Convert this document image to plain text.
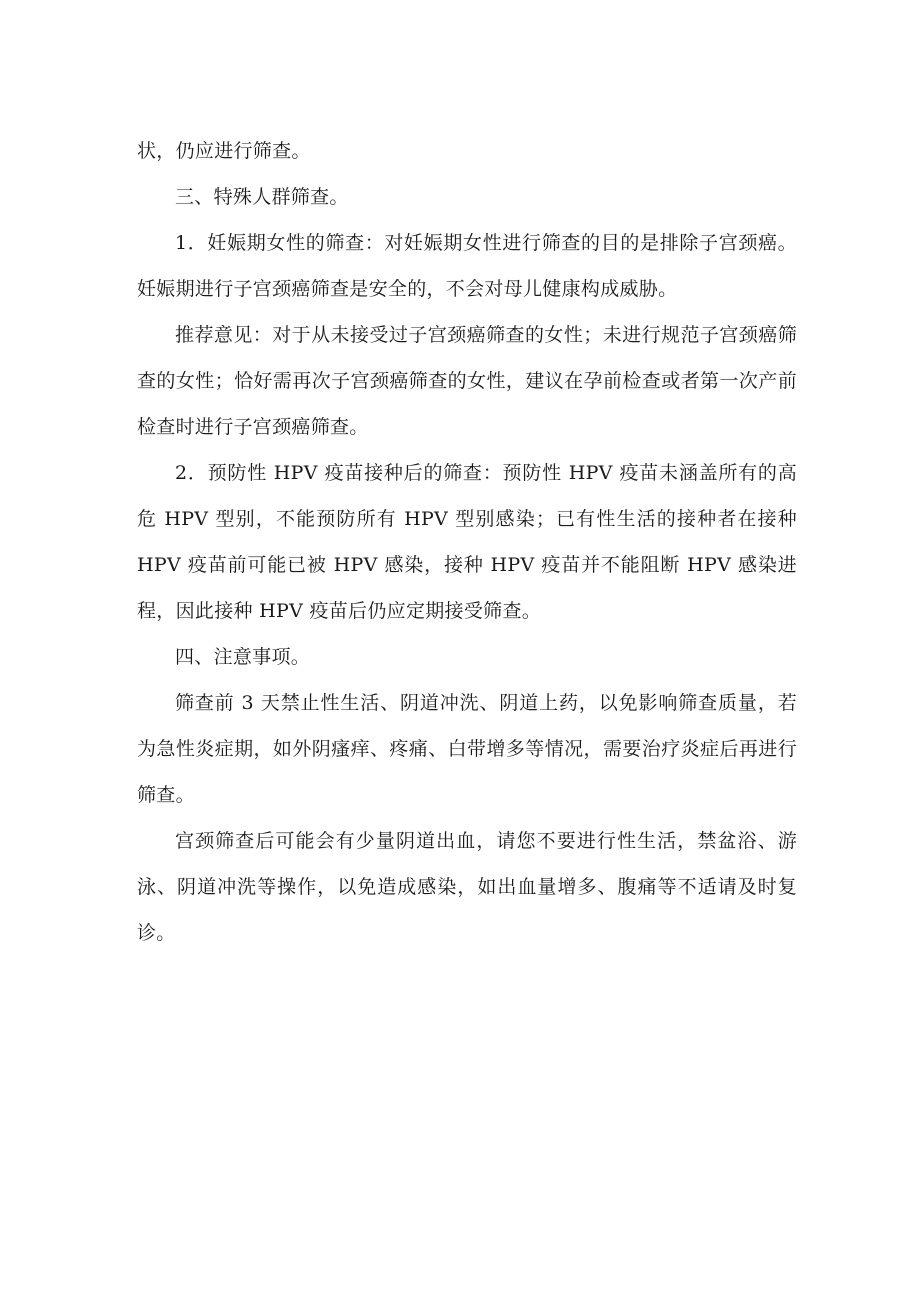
状，仍应进行筛查。

三、特殊人群筛查。

1．妊娠期女性的筛查：对妊娠期女性进行筛查的目的是排除子宫颈癌。妊娠期进行子宫颈癌筛查是安全的，不会对母儿健康构成威胁。

推荐意见：对于从未接受过子宫颈癌筛查的女性；未进行规范子宫颈癌筛查的女性；恰好需再次子宫颈癌筛查的女性，建议在孕前检查或者第一次产前检查时进行子宫颈癌筛查。

2．预防性 HPV 疫苗接种后的筛查：预防性 HPV 疫苗未涵盖所有的高危 HPV 型别，不能预防所有 HPV 型别感染；已有性生活的接种者在接种 HPV 疫苗前可能已被 HPV 感染，接种 HPV 疫苗并不能阻断 HPV 感染进程，因此接种 HPV 疫苗后仍应定期接受筛查。

四、注意事项。

筛查前 3 天禁止性生活、阴道冲洗、阴道上药，以免影响筛查质量，若为急性炎症期，如外阴瘙痒、疼痛、白带增多等情况，需要治疗炎症后再进行筛查。

宫颈筛查后可能会有少量阴道出血，请您不要进行性生活，禁盆浴、游泳、阴道冲洗等操作，以免造成感染，如出血量增多、腹痛等不适请及时复诊。
